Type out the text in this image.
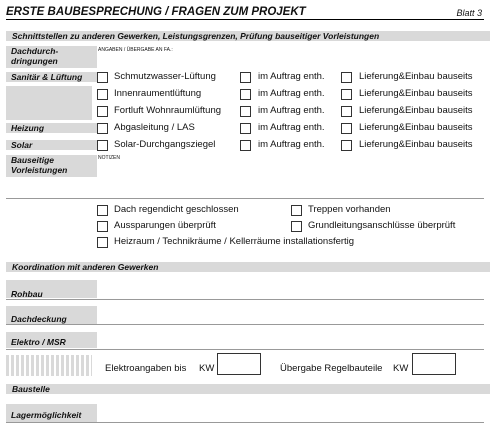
ERSTE BAUBESPRECHUNG / FRAGEN ZUM PROJEKT	Blatt 3
Schnittstellen zu anderen Gewerken, Leistungsgrenzen, Prüfung bauseitiger Vorleistungen
Dachdurch-
dringungen
ANGABEN / ÜBERGABE AN FA.:
Sanitär & Lüftung
Heizung
Solar
Schmutzwasser-Lüftung	im Auftrag enth.	Lieferung&Einbau bauseits
Innenraumentlüftung	im Auftrag enth.	Lieferung&Einbau bauseits
Fortluft Wohnraumlüftung	im Auftrag enth.	Lieferung&Einbau bauseits
Abgasleitung / LAS	im Auftrag enth.	Lieferung&Einbau bauseits
Solar-Durchgangsziegel	im Auftrag enth.	Lieferung&Einbau bauseits
Bauseitige
Vorleistungen
NOTIZEN
Dach regendicht geschlossen	Treppen vorhanden
Aussparungen überprüft	Grundleitungsanschlüsse überprüft
Heizraum / Technikräume / Kellerräume installationsfertig
Koordination mit anderen Gewerken
Rohbau
Dachdeckung
Elektro / MSR
Elektroangaben bis KW	Übergabe Regelbauteile KW
Baustelle
Lagermöglichkeit
